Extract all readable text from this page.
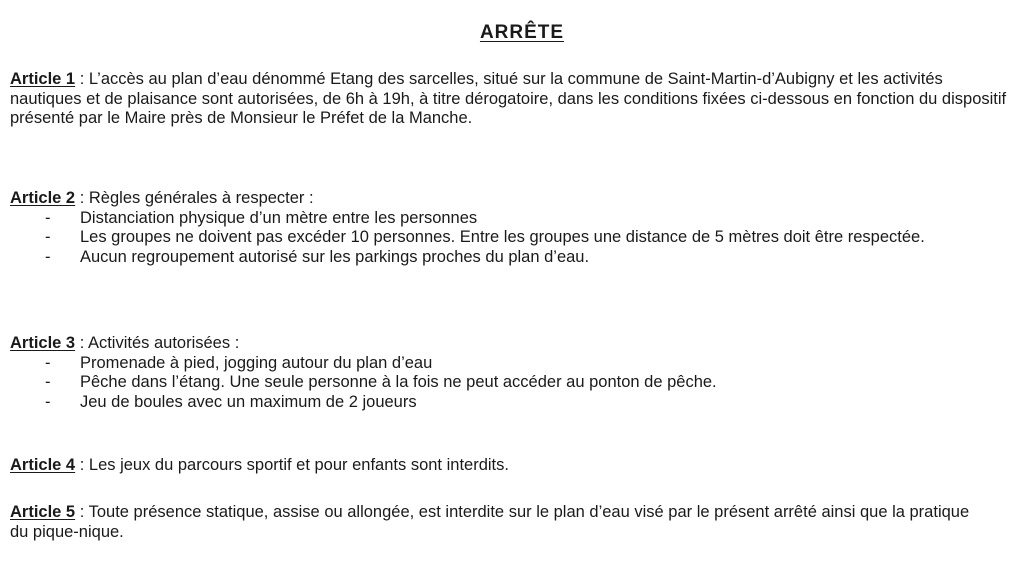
ARRÊTE
Article 1 : L’accès au plan d’eau dénommé Etang des sarcelles, situé sur la commune de Saint-Martin-d’Aubigny et les activités nautiques et de plaisance sont autorisées, de 6h à 19h, à titre dérogatoire, dans les conditions fixées ci-dessous en fonction du dispositif présenté par le Maire près de Monsieur le Préfet de la Manche.
Article 2 : Règles générales à respecter :
- Distanciation physique d’un mètre entre les personnes
- Les groupes ne doivent pas excéder 10 personnes. Entre les groupes une distance de 5 mètres doit être respectée.
- Aucun regroupement autorisé sur les parkings proches du plan d’eau.
Article 3 : Activités autorisées :
- Promenade à pied, jogging autour du plan d’eau
- Pêche dans l’étang. Une seule personne à la fois ne peut accéder au ponton de pêche.
- Jeu de boules avec un maximum de 2 joueurs
Article 4 : Les jeux du parcours sportif et pour enfants sont interdits.
Article 5 : Toute présence statique, assise ou allongée, est interdite sur le plan d’eau visé par le présent arrêté ainsi que la pratique du pique-nique.
